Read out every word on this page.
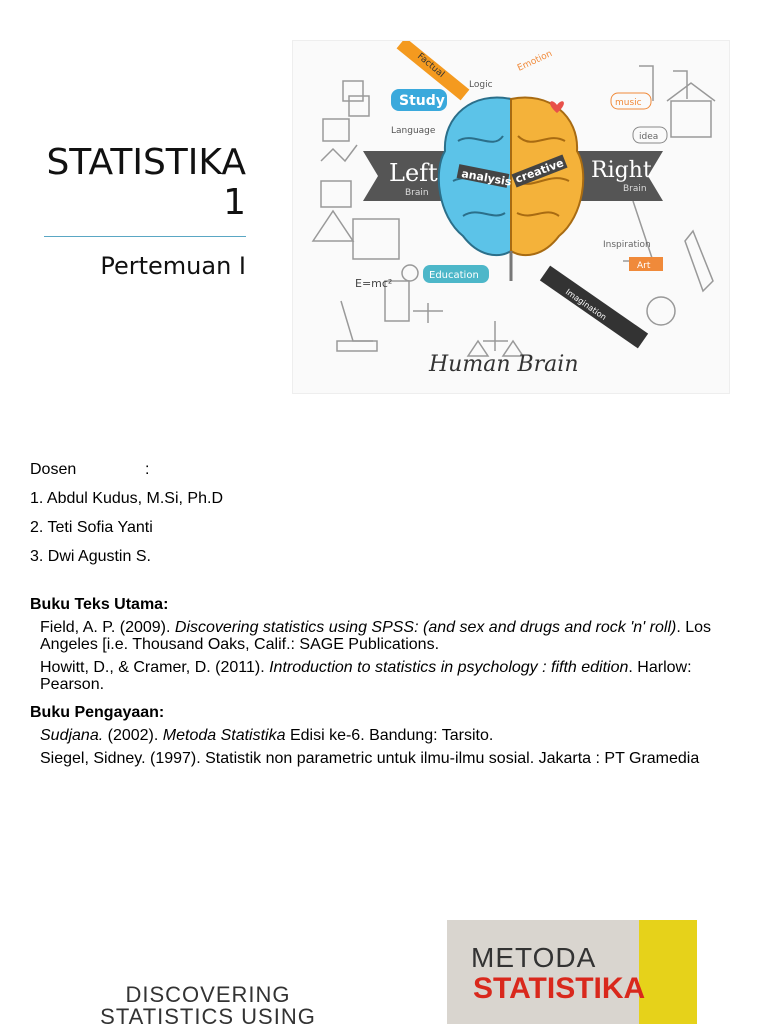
STATISTIKA
1
Pertemuan I
Left
Brain
Right
Brain
analysis creative
Study
Factual
Logic
Language
Education
E=mc²
Imagination
music
idea
Inspiration
Art
Emotion
Human Brain
Dosen	:
1. Abdul Kudus, M.Si, Ph.D
2. Teti Sofia Yanti
3. Dwi Agustin S.
Buku Teks Utama:

Field, A. P. (2009). Discovering statistics using SPSS: (and sex and drugs and rock 'n' roll). Los Angeles [i.e. Thousand Oaks, Calif.: SAGE Publications.

Howitt, D., & Cramer, D. (2011). Introduction to statistics in psychology : fifth edition. Harlow: Pearson.

Buku Pengayaan:

Sudjana. (2002). Metoda Statistika Edisi ke-6. Bandung: Tarsito.

Siegel, Sidney. (1997). Statistik non parametric untuk ilmu-ilmu sosial. Jakarta : PT Gramedia

DISCOVERING
STATISTICS USING
METODA
STATISTIKA
